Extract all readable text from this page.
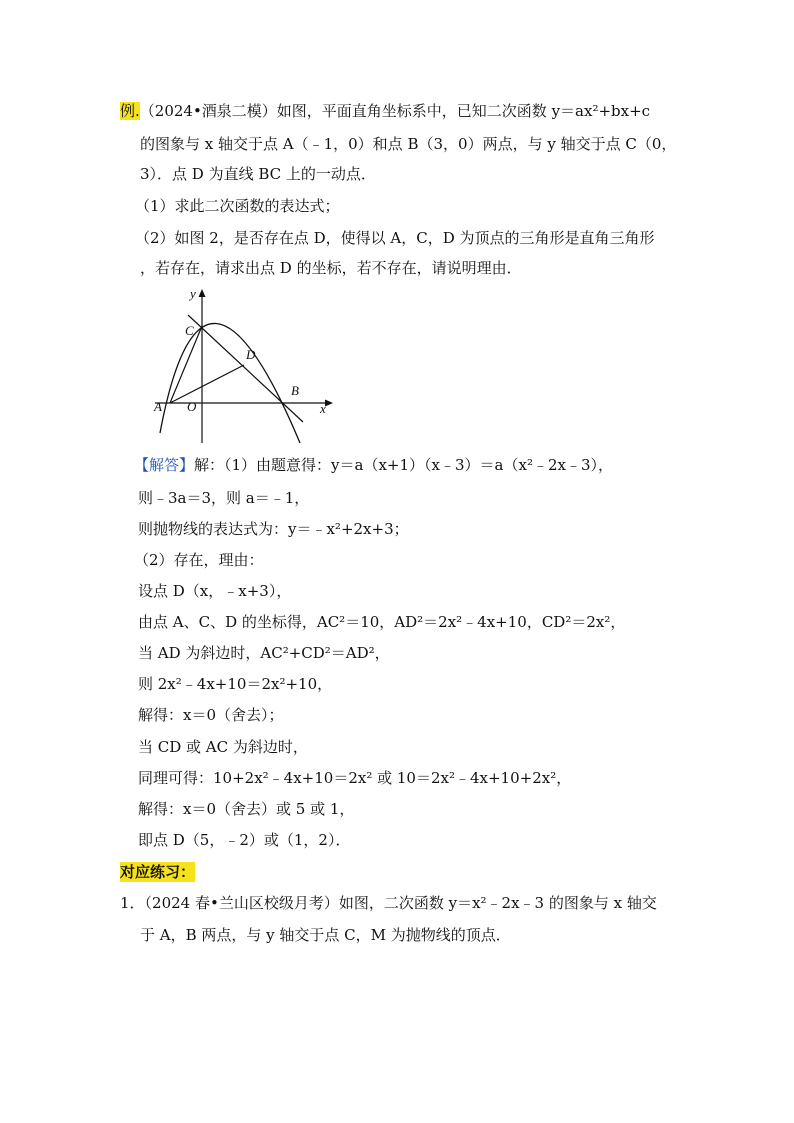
例.（2024•酒泉二模）如图，平面直角坐标系中，已知二次函数 y＝ax²+bx+c
的图象与 x 轴交于点 A（﹣1，0）和点 B（3，0）两点，与 y 轴交于点 C（0，
3）．点 D 为直线 BC 上的一动点．
（1）求此二次函数的表达式；
（2）如图 2，是否存在点 D，使得以 A，C，D 为顶点的三角形是直角三角形
，若存在，请求出点 D 的坐标，若不存在，请说明理由．
y
x
C
D
A O
B
【解答】解：（1）由题意得：y＝a（x+1）（x﹣3）＝a（x²﹣2x﹣3），
则﹣3a＝3，则 a＝﹣1，
则抛物线的表达式为：y＝﹣x²+2x+3；
（2）存在，理由：
设点 D（x，﹣x+3），
由点 A、C、D 的坐标得，AC²＝10，AD²＝2x²﹣4x+10，CD²＝2x²，
当 AD 为斜边时，AC²+CD²＝AD²，
则 2x²﹣4x+10＝2x²+10，
解得：x＝0（舍去）；
当 CD 或 AC 为斜边时，
同理可得：10+2x²﹣4x+10＝2x² 或 10＝2x²﹣4x+10+2x²，
解得：x＝0（舍去）或 5 或 1，
即点 D（5，﹣2）或（1，2）．
对应练习：
1．（2024 春•兰山区校级月考）如图，二次函数 y＝x²﹣2x﹣3 的图象与 x 轴交
于 A，B 两点，与 y 轴交于点 C，M 为抛物线的顶点．
